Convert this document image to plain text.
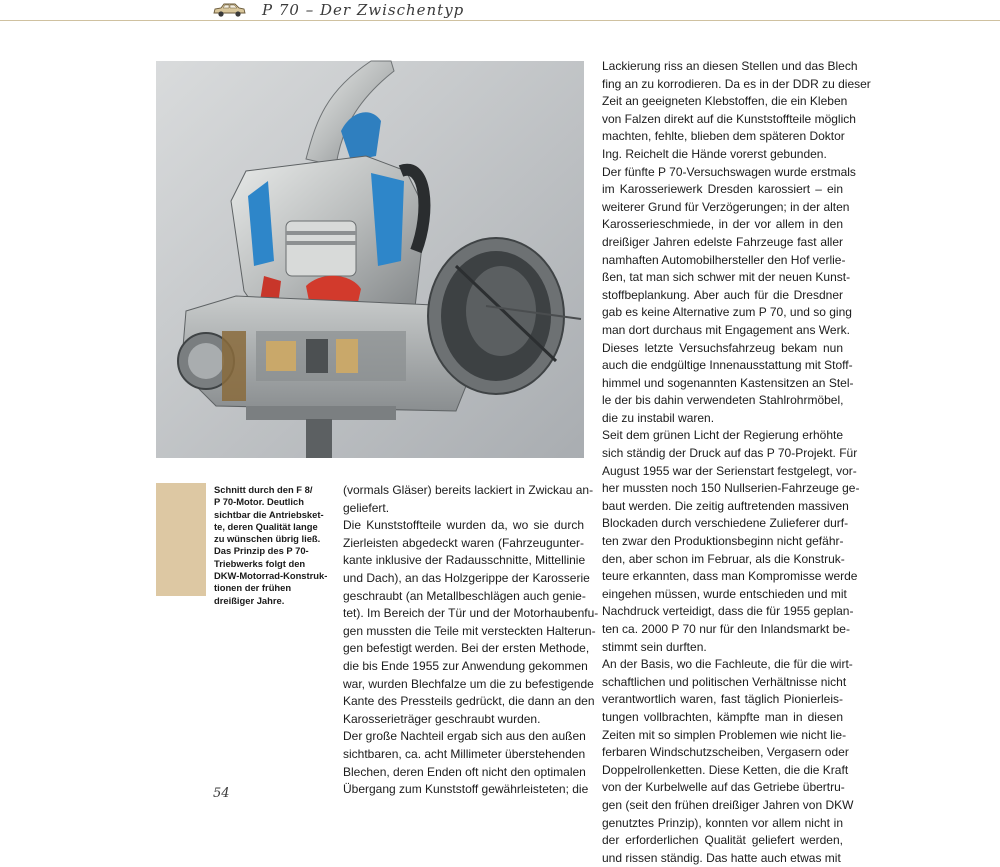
P 70 – Der Zwischentyp
Schnitt durch den F 8/
P 70-Motor. Deutlich
sichtbar die Antriebsket-
te, deren Qualität lange
zu wünschen übrig ließ.
Das Prinzip des P 70-
Triebwerks folgt den
DKW-Motorrad-Konstruk-
tionen der frühen
dreißiger Jahre.

(vormals Gläser) bereits lackiert in Zwickau an-
geliefert.

Die Kunststoffteile wurden da, wo sie durch
Zierleisten abgedeckt waren (Fahrzeugunter-
kante inklusive der Radausschnitte, Mittellinie
und Dach), an das Holzgerippe der Karosserie
geschraubt (an Metallbeschlägen auch genie-
tet). Im Bereich der Tür und der Motorhaubenfu-
gen mussten die Teile mit versteckten Halterun-
gen befestigt werden. Bei der ersten Methode,
die bis Ende 1955 zur Anwendung gekommen
war, wurden Blechfalze um die zu befestigende
Kante des Pressteils gedrückt, die dann an den
Karosserieträger geschraubt wurden.

Der große Nachteil ergab sich aus den außen
sichtbaren, ca. acht Millimeter überstehenden
Blechen, deren Enden oft nicht den optimalen
Übergang zum Kunststoff gewährleisteten; die

Lackierung riss an diesen Stellen und das Blech
fing an zu korrodieren. Da es in der DDR zu dieser
Zeit an geeigneten Klebstoffen, die ein Kleben
von Falzen direkt auf die Kunststoffteile möglich
machten, fehlte, blieben dem späteren Doktor
Ing. Reichelt die Hände vorerst gebunden.

Der fünfte P 70-Versuchswagen wurde erstmals
im Karosseriewerk Dresden karossiert – ein
weiterer Grund für Verzögerungen; in der alten
Karosserieschmiede, in der vor allem in den
dreißiger Jahren edelste Fahrzeuge fast aller
namhaften Automobilhersteller den Hof verlie-
ßen, tat man sich schwer mit der neuen Kunst-
stoffbeplankung. Aber auch für die Dresdner
gab es keine Alternative zum P 70, und so ging
man dort durchaus mit Engagement ans Werk.

Dieses letzte Versuchsfahrzeug bekam nun
auch die endgültige Innenausstattung mit Stoff-
himmel und sogenannten Kastensitzen an Stel-
le der bis dahin verwendeten Stahlrohrmöbel,
die zu instabil waren.

Seit dem grünen Licht der Regierung erhöhte
sich ständig der Druck auf das P 70-Projekt. Für
August 1955 war der Serienstart festgelegt, vor-
her mussten noch 150 Nullserien-Fahrzeuge ge-
baut werden. Die zeitig auftretenden massiven
Blockaden durch verschiedene Zulieferer durf-
ten zwar den Produktionsbeginn nicht gefähr-
den, aber schon im Februar, als die Konstruk-
teure erkannten, dass man Kompromisse werde
eingehen müssen, wurde entschieden und mit
Nachdruck verteidigt, dass die für 1955 geplan-
ten ca. 2000 P 70 nur für den Inlandsmarkt be-
stimmt sein durften.

An der Basis, wo die Fachleute, die für die wirt-
schaftlichen und politischen Verhältnisse nicht
verantwortlich waren, fast täglich Pionierleis-
tungen vollbrachten, kämpfte man in diesen
Zeiten mit so simplen Problemen wie nicht lie-
ferbaren Windschutzscheiben, Vergasern oder
Doppelrollenketten. Diese Ketten, die die Kraft
von der Kurbelwelle auf das Getriebe übertru-
gen (seit den frühen dreißiger Jahren von DKW
genutztes Prinzip), konnten vor allem nicht in
der erforderlichen Qualität geliefert werden,
und rissen ständig. Das hatte auch etwas mit

54
